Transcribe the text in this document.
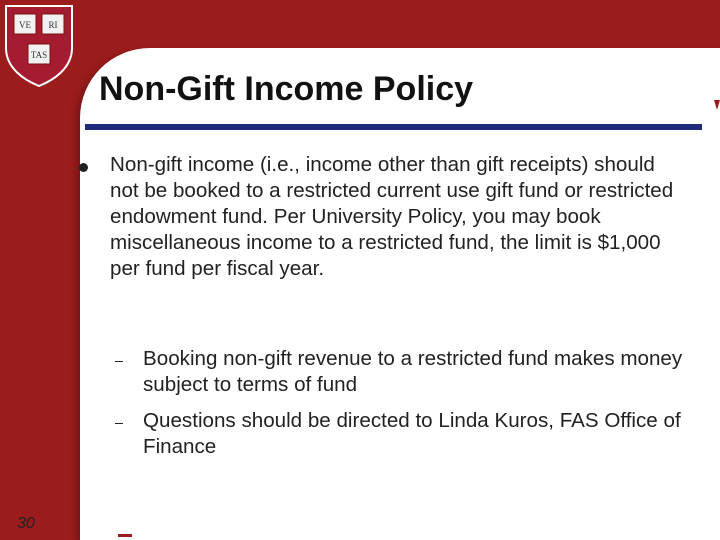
VE RI
TAS
Non-Gift Income Policy
Non-gift income (i.e., income other than gift receipts) should not be booked to a restricted current use gift fund or restricted endowment fund. Per University Policy, you may book miscellaneous income to a restricted fund, the limit is $1,000 per fund per fiscal year.
Booking non-gift revenue to a restricted fund makes money subject to terms of fund
Questions should be directed to Linda Kuros, FAS Office of Finance
30
